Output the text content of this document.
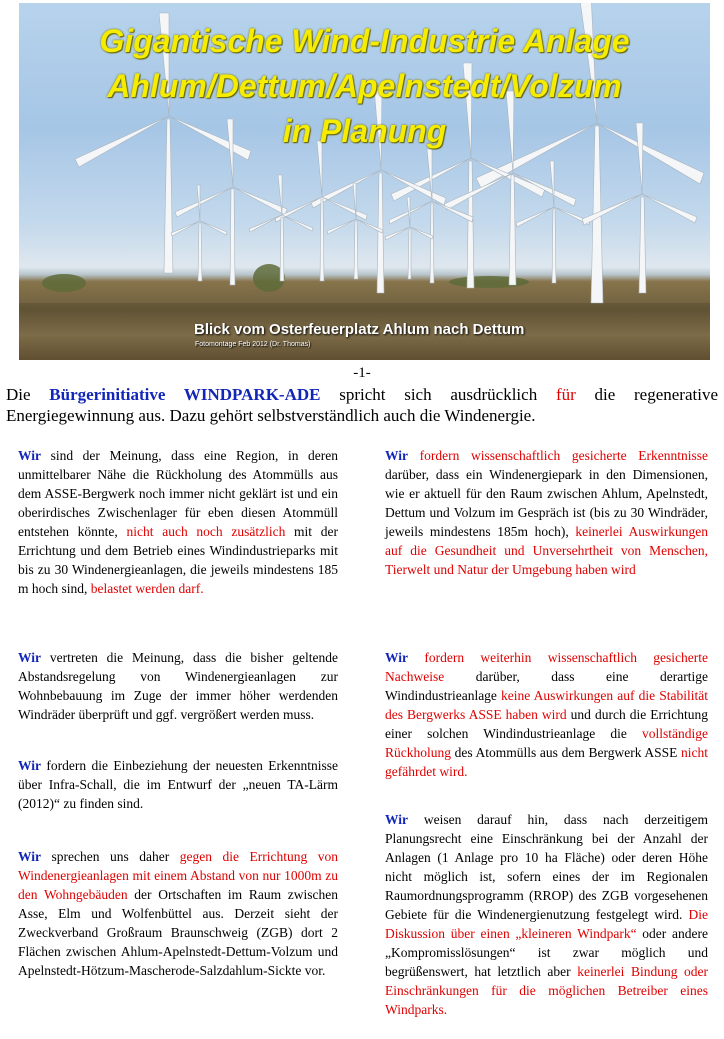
Gigantische Wind-Industrie Anlage
Ahlum/Dettum/Apelnstedt/Volzum
in Planung
Blick vom Osterfeuerplatz Ahlum nach Dettum
Fotomontage Feb 2012 (Dr. Thomas)
-1-

Die Bürgerinitiative WINDPARK-ADE spricht sich ausdrücklich für die regenerative Energiegewinnung aus. Dazu gehört selbstverständlich auch die Windenergie.

Wir sind der Meinung, dass eine Region, in deren unmittelbarer Nähe die Rückholung des Atommülls aus dem ASSE-Bergwerk noch immer nicht geklärt ist und ein oberirdisches Zwischenlager für eben diesen Atommüll entstehen könnte, nicht auch noch zusätzlich mit der Errichtung und dem Betrieb eines Windindustrieparks mit bis zu 30 Windenergieanlagen, die jeweils mindestens 185 m hoch sind, belastet werden darf.

Wir vertreten die Meinung, dass die bisher geltende Abstandsregelung von Windenergieanlagen zur Wohnbebauung im Zuge der immer höher werdenden Windräder überprüft und ggf. vergrößert werden muss.

Wir fordern die Einbeziehung der neuesten Erkenntnisse über Infra-Schall, die im Entwurf der „neuen TA-Lärm (2012)“ zu finden sind.

Wir sprechen uns daher gegen die Errichtung von Windenergieanlagen mit einem Abstand von nur 1000m zu den Wohngebäuden der Ortschaften im Raum zwischen Asse, Elm und Wolfenbüttel aus. Derzeit sieht der Zweckverband Großraum Braunschweig (ZGB) dort 2 Flächen zwischen Ahlum-Apelnstedt-Dettum-Volzum und Apelnstedt-Hötzum-Mascherode-Salzdahlum-Sickte vor.

Wir fordern wissenschaftlich gesicherte Erkenntnisse darüber, dass ein Windenergiepark in den Dimensionen, wie er aktuell für den Raum zwischen Ahlum, Apelnstedt, Dettum und Volzum im Gespräch ist (bis zu 30 Windräder, jeweils mindestens 185m hoch), keinerlei Auswirkungen auf die Gesundheit und Unversehrtheit von Menschen, Tierwelt und Natur der Umgebung haben wird

Wir fordern weiterhin wissenschaftlich gesicherte Nachweise darüber, dass eine derartige Windindustrieanlage keine Auswirkungen auf die Stabilität des Bergwerks ASSE haben wird und durch die Errichtung einer solchen Windindustrieanlage die vollständige Rückholung des Atommülls aus dem Bergwerk ASSE nicht gefährdet wird.

Wir weisen darauf hin, dass nach derzeitigem Planungsrecht eine Einschränkung bei der Anzahl der Anlagen (1 Anlage pro 10 ha Fläche) oder deren Höhe nicht möglich ist, sofern eines der im Regionalen Raumordnungsprogramm (RROP) des ZGB vorgesehenen Gebiete für die Windenergienutzung festgelegt wird. Die Diskussion über einen „kleineren Windpark“ oder andere „Kompromisslösungen“ ist zwar möglich und begrüßenswert, hat letztlich aber keinerlei Bindung oder Einschränkungen für die möglichen Betreiber eines Windparks.
